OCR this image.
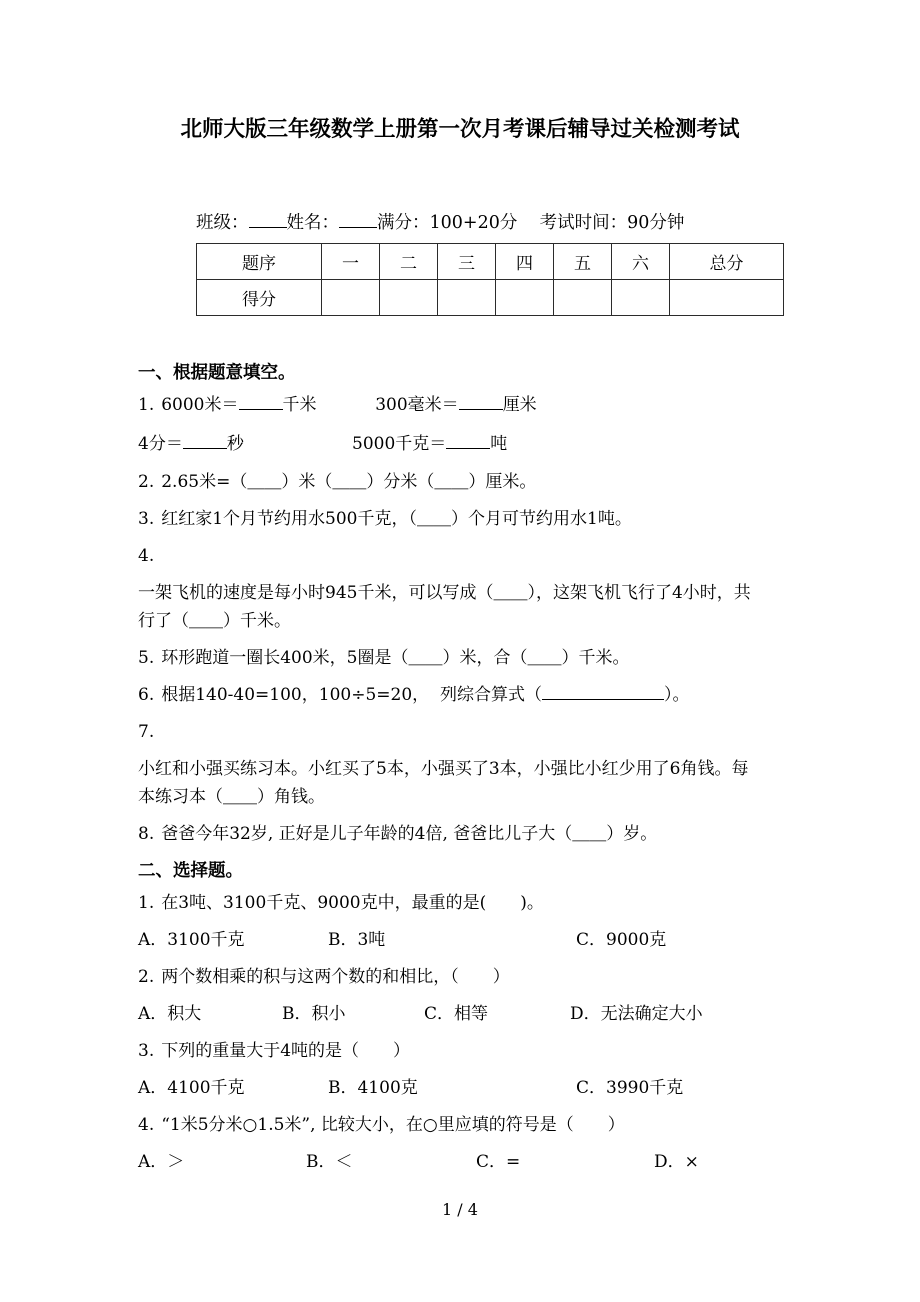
北师大版三年级数学上册第一次月考课后辅导过关检测考试
班级： 姓名： 满分：100+20分 考试时间：90分钟
题序	一	二	三	四	五	六	总分
得分							
一、根据题意填空。
1. 6000米＝	千米	300毫米＝	厘米
4分＝	秒	5000千克＝	吨
2. 2.65米=（＿＿）米（＿＿）分米（＿＿）厘米。
3. 红红家1个月节约用水500千克，（＿＿）个月可节约用水1吨。
4.
一架飞机的速度是每小时945千米，可以写成（＿＿），这架飞机飞行了4小时，共行了（＿＿）千米。
5. 环形跑道一圈长400米，5圈是（＿＿）米，合（＿＿）千米。
6. 根据140-40=100，100÷5=20， 列综合算式（	）。
7.
小红和小强买练习本。小红买了5本，小强买了3本，小强比小红少用了6角钱。每本练习本（＿＿）角钱。
8. 爸爸今年32岁, 正好是儿子年龄的4倍, 爸爸比儿子大（＿＿）岁。
二、选择题。
1. 在3吨、3100千克、9000克中，最重的是(　　)。
A．3100千克	B．3吨	C．9000克
2. 两个数相乘的积与这两个数的和相比，（　　）
A．积大	B．积小	C．相等	D．无法确定大小
3. 下列的重量大于4吨的是（　　）
A．4100千克	B．4100克	C．3990千克
4. “1米5分米○1.5米”, 比较大小，在○里应填的符号是（　　）
A．＞	B．＜	C．=	D．×
1 / 4
